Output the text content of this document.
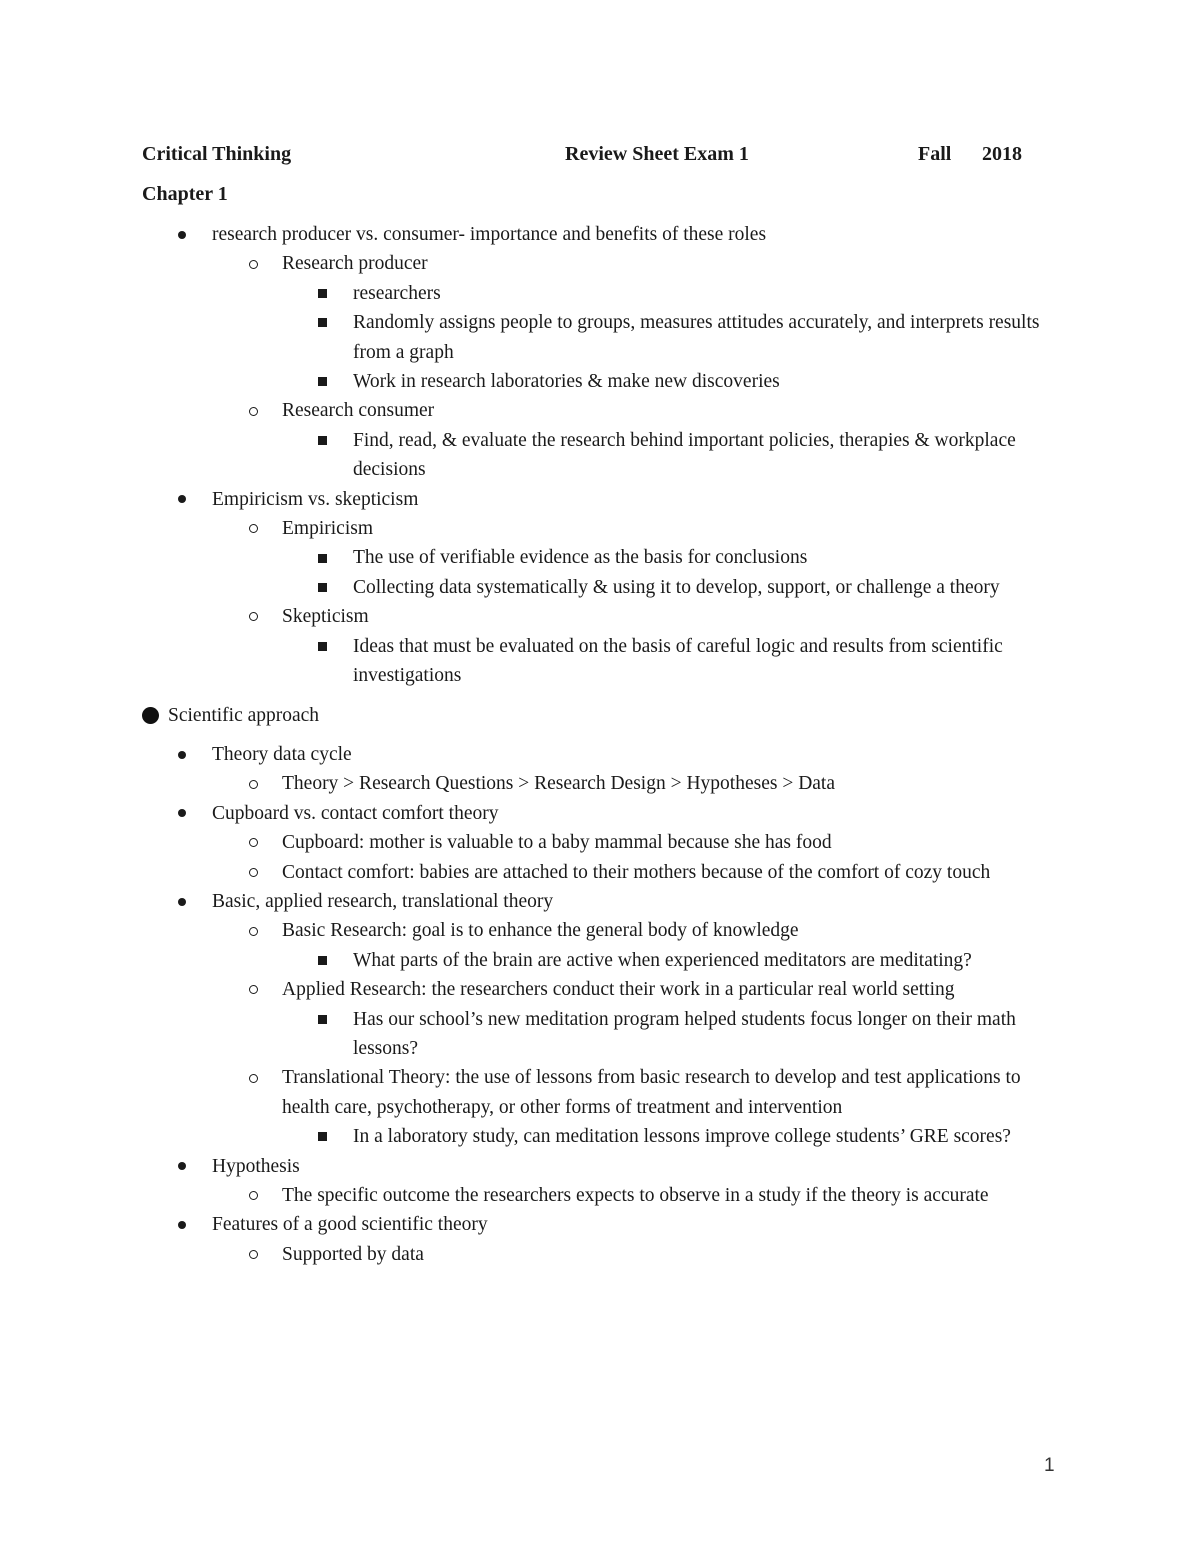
Critical Thinking	Review Sheet Exam 1	Fall 2018
Chapter 1
research producer vs. consumer- importance and benefits of these roles
Research producer
researchers
Randomly assigns people to groups, measures attitudes accurately, and interprets results from a graph
Work in research laboratories & make new discoveries
Research consumer
Find, read, & evaluate the research behind important policies, therapies & workplace decisions
Empiricism vs. skepticism
Empiricism
The use of verifiable evidence as the basis for conclusions
Collecting data systematically & using it to develop, support, or challenge a theory
Skepticism
Ideas that must be evaluated on the basis of careful logic and results from scientific investigations
Scientific approach
Theory data cycle
Theory > Research Questions > Research Design > Hypotheses > Data
Cupboard vs. contact comfort theory
Cupboard: mother is valuable to a baby mammal because she has food
Contact comfort: babies are attached to their mothers because of the comfort of cozy touch
Basic, applied research, translational theory
Basic Research: goal is to enhance the general body of knowledge
What parts of the brain are active when experienced meditators are meditating?
Applied Research: the researchers conduct their work in a particular real world setting
Has our school’s new meditation program helped students focus longer on their math lessons?
Translational Theory: the use of lessons from basic research to develop and test applications to health care, psychotherapy, or other forms of treatment and intervention
In a laboratory study, can meditation lessons improve college students’ GRE scores?
Hypothesis
The specific outcome the researchers expects to observe in a study if the theory is accurate
Features of a good scientific theory
Supported by data
1
